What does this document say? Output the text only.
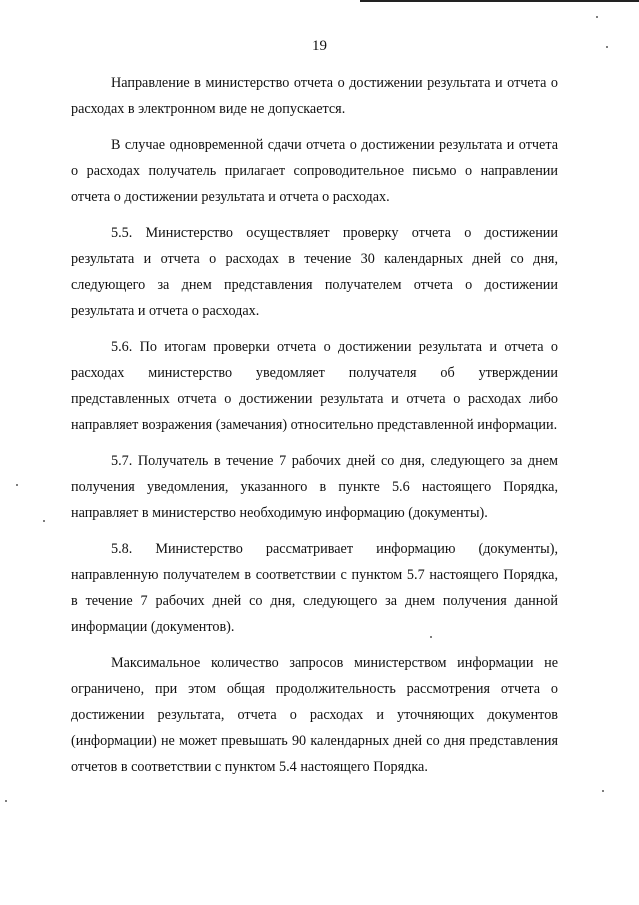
19

Направление в министерство отчета о достижении результата и отчета о расходах в электронном виде не допускается.

В случае одновременной сдачи отчета о достижении результата и отчета о расходах получатель прилагает сопроводительное письмо о направлении отчета о достижении результата и отчета о расходах.

5.5. Министерство осуществляет проверку отчета о достижении результата и отчета о расходах в течение 30 календарных дней со дня, следующего за днем представления получателем отчета о достижении результата и отчета о расходах.

5.6. По итогам проверки отчета о достижении результата и отчета о расходах министерство уведомляет получателя об утверждении представленных отчета о достижении результата и отчета о расходах либо направляет возражения (замечания) относительно представленной информации.

5.7. Получатель в течение 7 рабочих дней со дня, следующего за днем получения уведомления, указанного в пункте 5.6 настоящего Порядка, направляет в министерство необходимую информацию (документы).

5.8. Министерство рассматривает информацию (документы), направленную получателем в соответствии с пунктом 5.7 настоящего Порядка, в течение 7 рабочих дней со дня, следующего за днем получения данной информации (документов).

Максимальное количество запросов министерством информации не ограничено, при этом общая продолжительность рассмотрения отчета о достижении результата, отчета о расходах и уточняющих документов (информации) не может превышать 90 календарных дней со дня представления отчетов в соответствии с пунктом 5.4 настоящего Порядка.
